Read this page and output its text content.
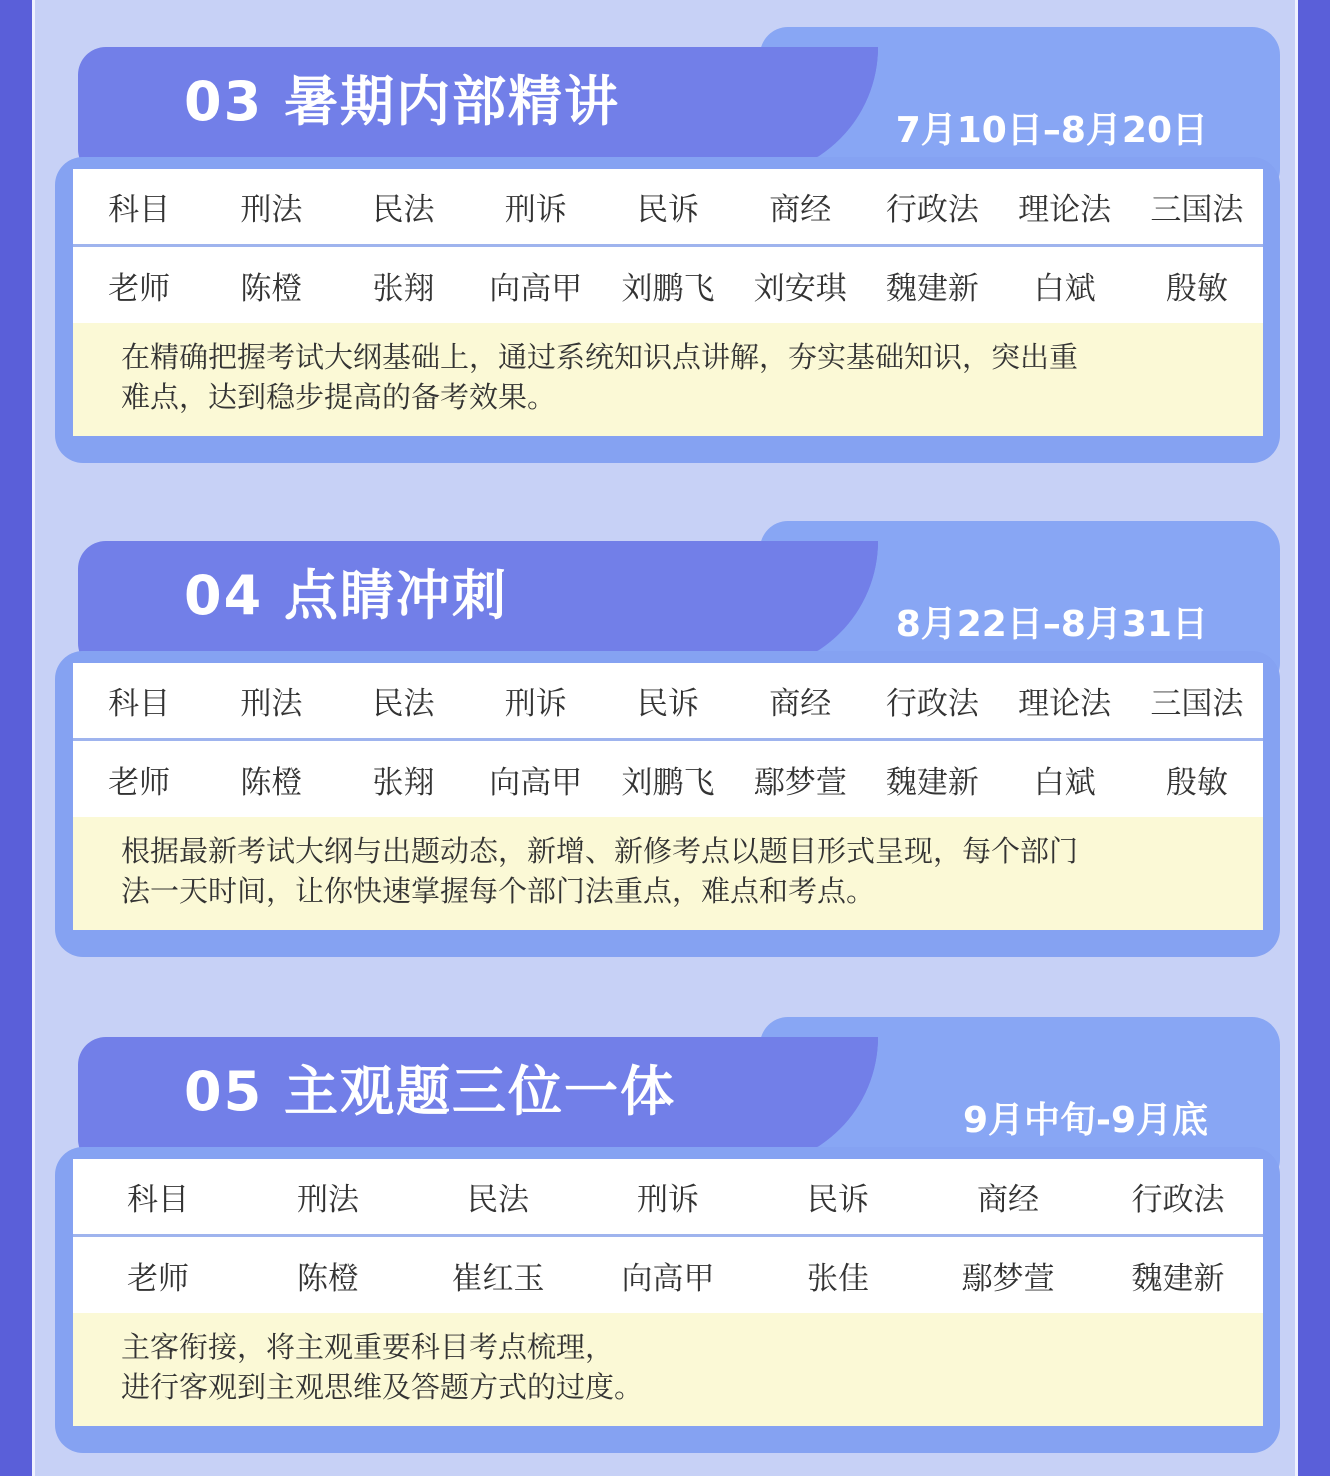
7月10日–8月20日
03 暑期内部精讲
科目	刑法	民法	刑诉	民诉	商经	行政法	理论法	三国法
老师	陈橙	张翔	向高甲	刘鹏飞	刘安琪	魏建新	白斌	殷敏
在精确把握考试大纲基础上，通过系统知识点讲解，夯实基础知识，突出重
难点，达到稳步提高的备考效果。
8月22日–8月31日
04 点睛冲刺
科目	刑法	民法	刑诉	民诉	商经	行政法	理论法	三国法
老师	陈橙	张翔	向高甲	刘鹏飞	鄢梦萱	魏建新	白斌	殷敏
根据最新考试大纲与出题动态，新增、新修考点以题目形式呈现，每个部门
法一天时间，让你快速掌握每个部门法重点，难点和考点。
9月中旬-9月底
05 主观题三位一体
科目	刑法	民法	刑诉	民诉	商经	行政法
老师	陈橙	崔红玉	向高甲	张佳	鄢梦萱	魏建新
主客衔接，将主观重要科目考点梳理，
进行客观到主观思维及答题方式的过度。
